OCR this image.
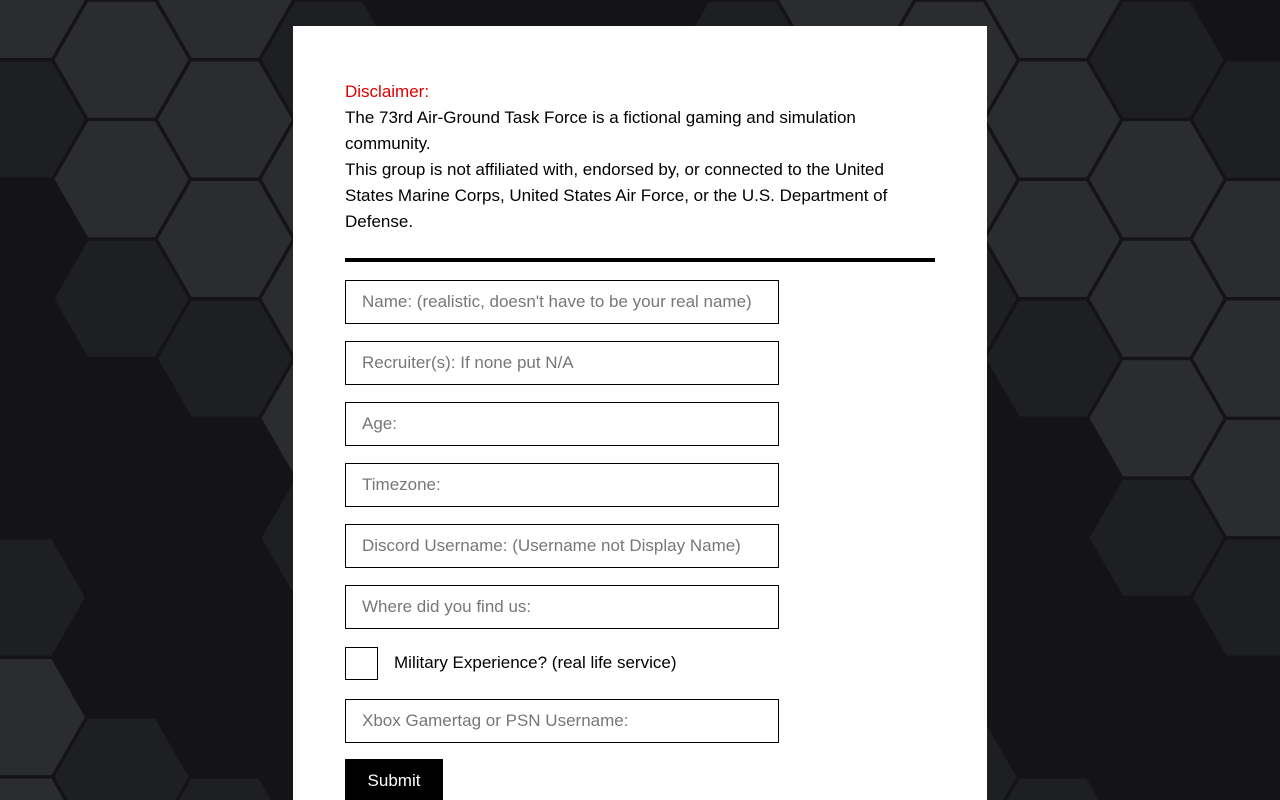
Disclaimer:
The 73rd Air-Ground Task Force is a fictional gaming and simulation community.
This group is not affiliated with, endorsed by, or connected to the United States Marine Corps, United States Air Force, or the U.S. Department of Defense.
Name: (realistic, doesn't have to be your real name)
Recruiter(s): If none put N/A
Age:
Timezone:
Discord Username: (Username not Display Name)
Where did you find us:
Military Experience? (real life service)
Xbox Gamertag or PSN Username: Submit
